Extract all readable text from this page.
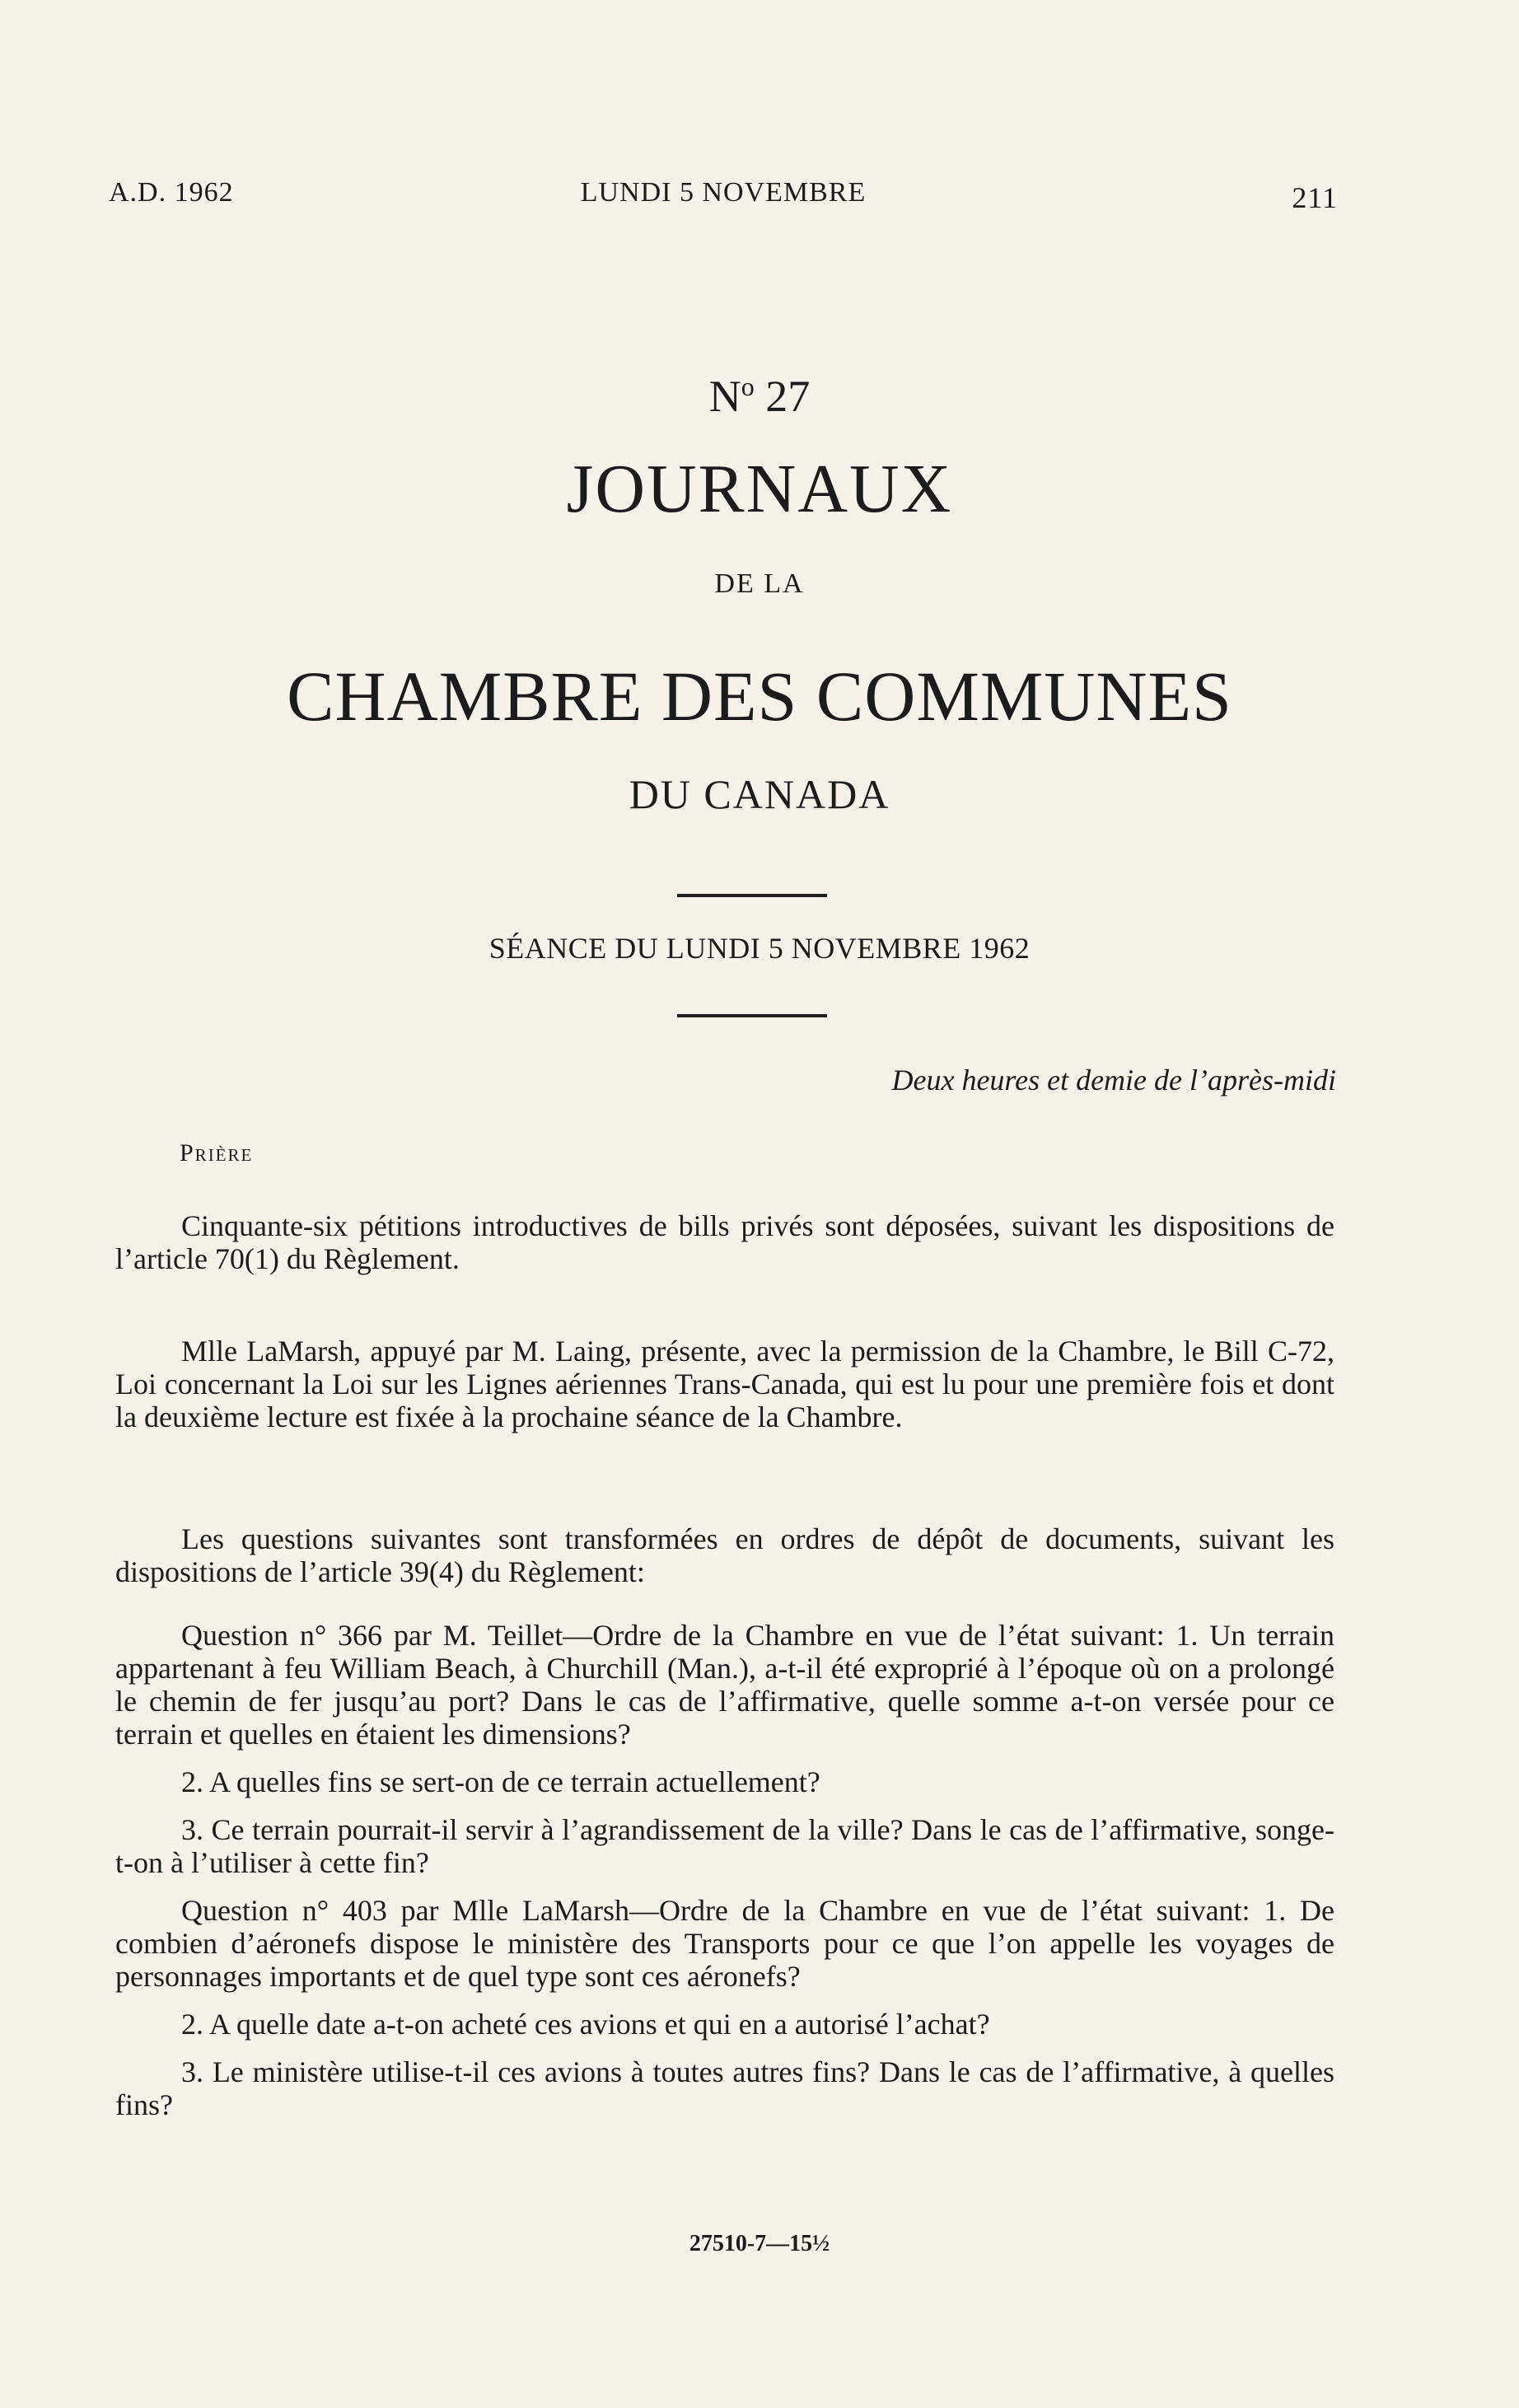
A.D. 1962	LUNDI 5 NOVEMBRE	211
$N^o$ 27
JOURNAUX
DE LA
CHAMBRE DES COMMUNES
DU CANADA
SÉANCE DU LUNDI 5 NOVEMBRE 1962
Deux heures et demie de l’après-midi
Prière

Cinquante-six pétitions introductives de bills privés sont déposées, suivant les dispositions de l’article 70(1) du Règlement.

Mlle LaMarsh, appuyé par M. Laing, présente, avec la permission de la Chambre, le Bill C-72, Loi concernant la Loi sur les Lignes aériennes Trans-Canada, qui est lu pour une première fois et dont la deuxième lecture est fixée à la prochaine séance de la Chambre.

Les questions suivantes sont transformées en ordres de dépôt de documents, suivant les dispositions de l’article 39(4) du Règlement:

Question n° 366 par M. Teillet—Ordre de la Chambre en vue de l’état suivant: 1. Un terrain appartenant à feu William Beach, à Churchill (Man.), a-t-il été exproprié à l’époque où on a prolongé le chemin de fer jusqu’au port? Dans le cas de l’affirmative, quelle somme a-t-on versée pour ce terrain et quelles en étaient les dimensions?

2. A quelles fins se sert-on de ce terrain actuellement?

3. Ce terrain pourrait-il servir à l’agrandissement de la ville? Dans le cas de l’affirmative, songe-t-on à l’utiliser à cette fin?

Question n° 403 par Mlle LaMarsh—Ordre de la Chambre en vue de l’état suivant: 1. De combien d’aéronefs dispose le ministère des Transports pour ce que l’on appelle les voyages de personnages importants et de quel type sont ces aéronefs?

2. A quelle date a-t-on acheté ces avions et qui en a autorisé l’achat?

3. Le ministère utilise-t-il ces avions à toutes autres fins? Dans le cas de l’affirmative, à quelles fins?

27510-7—15½
